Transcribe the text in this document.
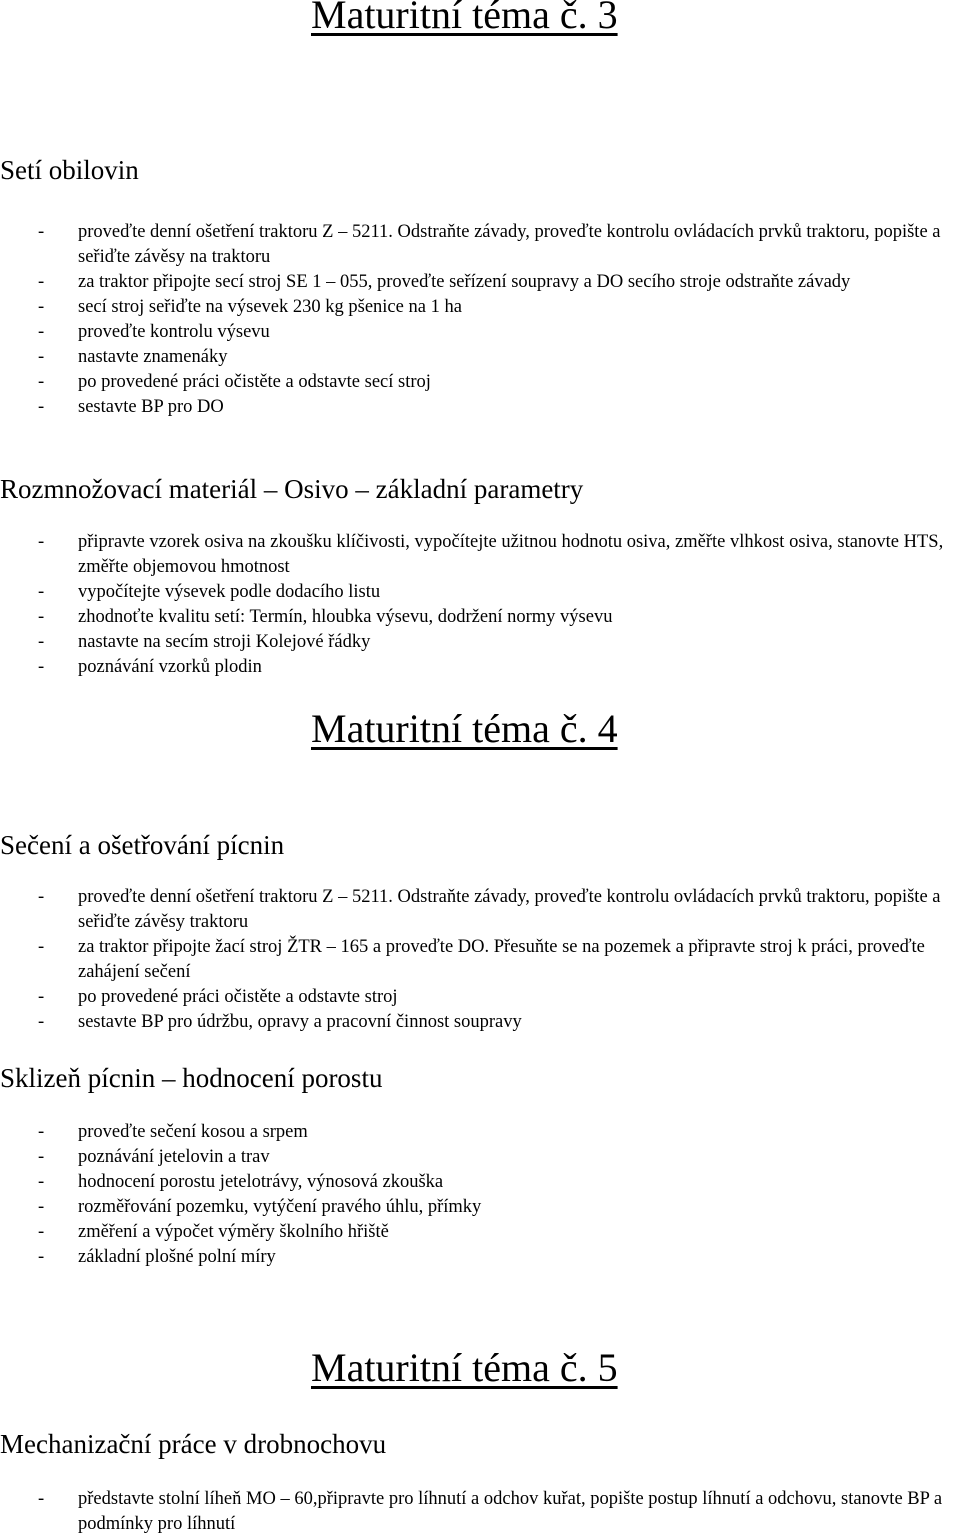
Maturitní téma č. 3
Setí obilovin
- proveďte denní ošetření traktoru Z – 5211. Odstraňte závady, proveďte kontrolu ovládacích prvků traktoru, popište a seřiďte závěsy na traktoru
- za traktor připojte secí stroj SE 1 – 055, proveďte seřízení soupravy a DO secího stroje odstraňte závady
- secí stroj seřiďte na výsevek 230 kg pšenice na 1 ha
- proveďte kontrolu výsevu
- nastavte znamenáky
- po provedené práci očistěte a odstavte secí stroj
- sestavte BP pro DO
Rozmnožovací materiál – Osivo – základní parametry
- připravte vzorek osiva na zkoušku klíčivosti, vypočítejte užitnou hodnotu osiva, změřte vlhkost osiva, stanovte HTS, změřte objemovou hmotnost
- vypočítejte výsevek podle dodacího listu
- zhodnoťte kvalitu setí: Termín, hloubka výsevu, dodržení normy výsevu
- nastavte na secím stroji Kolejové řádky
- poznávání vzorků plodin
Maturitní téma č. 4
Sečení a ošetřování pícnin
- proveďte denní ošetření traktoru Z – 5211. Odstraňte závady, proveďte kontrolu ovládacích prvků traktoru, popište a seřiďte závěsy traktoru
- za traktor připojte žací stroj ŽTR – 165 a proveďte DO. Přesuňte se na pozemek a připravte stroj k práci, proveďte zahájení sečení
- po provedené práci očistěte a odstavte stroj
- sestavte BP pro údržbu, opravy a pracovní činnost soupravy
Sklizeň pícnin – hodnocení porostu
- proveďte sečení kosou a srpem
- poznávání jetelovin a trav
- hodnocení porostu jetelotrávy, výnosová zkouška
- rozměřování pozemku, vytýčení pravého úhlu, přímky
- změření a výpočet výměry školního hřiště
- základní plošné polní míry
Maturitní téma č. 5
Mechanizační práce v drobnochovu
- představte stolní líheň MO – 60,připravte pro líhnutí a odchov kuřat, popište postup líhnutí a odchovu, stanovte BP a podmínky pro líhnutí
